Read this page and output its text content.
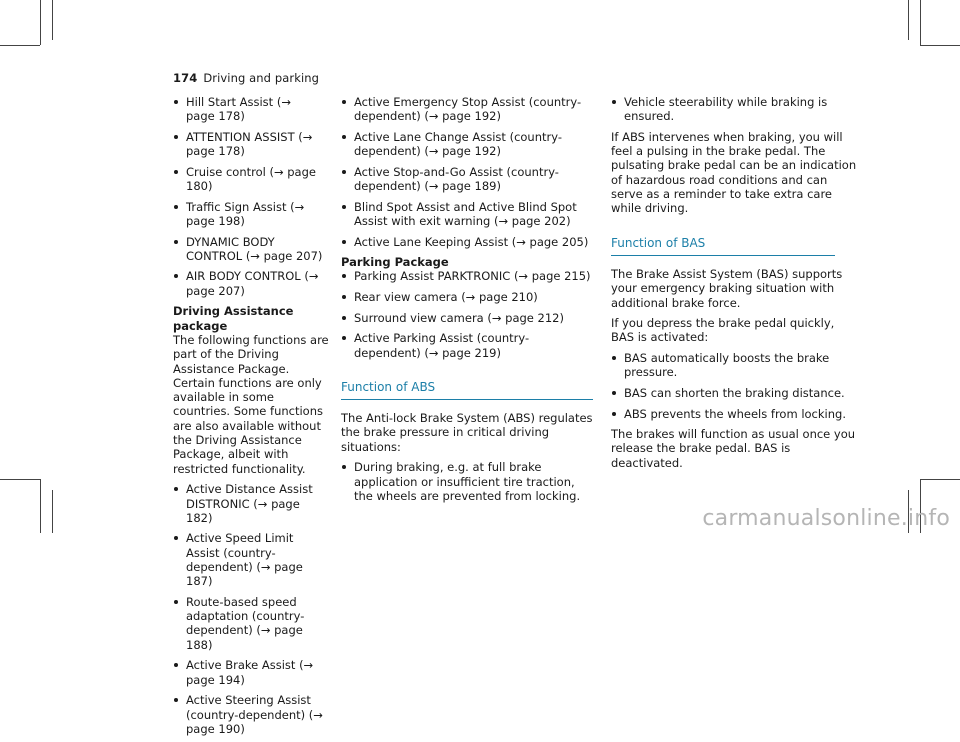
174 Driving and parking
Hill Start Assist (→ page 178)
ATTENTION ASSIST (→ page 178)
Cruise control (→ page 180)
Traffic Sign Assist (→ page 198)
DYNAMIC BODY CONTROL (→ page 207)
AIR BODY CONTROL (→ page 207)
Driving Assistance package

The following functions are part of the Driving Assistance Package. Certain functions are only available in some countries. Some functions are also available without the Driving Assistance Package, albeit with restricted functionality.

Active Distance Assist DISTRONIC (→ page 182)
Active Speed Limit Assist (country-dependent) (→ page 187)
Route-based speed adaptation (country-dependent) (→ page 188)
Active Brake Assist (→ page 194)
Active Steering Assist (country-dependent) (→ page 190)
Active Emergency Stop Assist (country-dependent) (→ page 192)
Active Lane Change Assist (country-dependent) (→ page 192)
Active Stop-and-Go Assist (country-dependent) (→ page 189)
Blind Spot Assist and Active Blind Spot Assist with exit warning (→ page 202)
Active Lane Keeping Assist (→ page 205)
Parking Package
Parking Assist PARKTRONIC (→ page 215)
Rear view camera (→ page 210)
Surround view camera (→ page 212)
Active Parking Assist (country-dependent) (→ page 219)
Function of ABS

The Anti-lock Brake System (ABS) regulates the brake pressure in critical driving situations:

During braking, e.g. at full brake application or insufficient tire traction, the wheels are prevented from locking.
Vehicle steerability while braking is ensured.

If ABS intervenes when braking, you will feel a pulsing in the brake pedal. The pulsating brake pedal can be an indication of hazardous road conditions and can serve as a reminder to take extra care while driving.

Function of BAS

The Brake Assist System (BAS) supports your emergency braking situation with additional brake force.

If you depress the brake pedal quickly, BAS is activated:

BAS automatically boosts the brake pressure.
BAS can shorten the braking distance.
ABS prevents the wheels from locking.

The brakes will function as usual once you release the brake pedal. BAS is deactivated.

carmanualsonline.info
